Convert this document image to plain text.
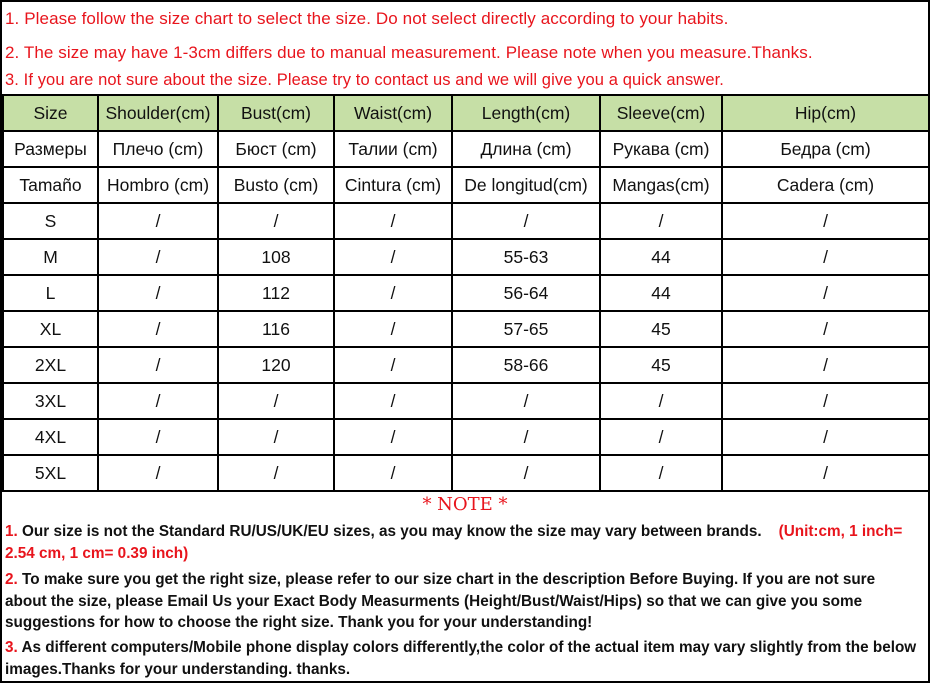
1. Please follow the size chart to select the size. Do not select directly according to your habits.
2. The size may have 1-3cm differs due to manual measurement. Please note when you measure.Thanks.
3. If you are not sure about the size. Please try to contact us and we will give you a quick answer.
Size	Shoulder(cm)	Bust(cm)	Waist(cm)	Length(cm)	Sleeve(cm)	Hip(cm)
Размеры	Плечо (cm)	Бюст (cm)	Талии (cm)	Длина (cm)	Рукава (cm)	Бедра (cm)
Tamaño	Hombro (cm)	Busto (cm)	Cintura (cm)	De longitud(cm)	Mangas(cm)	Cadera (cm)
S	/	/	/	/	/	/
M	/	108	/	55-63	44	/
L	/	112	/	56-64	44	/
XL	/	116	/	57-65	45	/
2XL	/	120	/	58-66	45	/
3XL	/	/	/	/	/	/
4XL	/	/	/	/	/	/
5XL	/	/	/	/	/	/
* NOTE *
1. Our size is not the Standard RU/US/UK/EU sizes, as you may know the size may vary between brands. (Unit:cm, 1 inch= 2.54 cm, 1 cm= 0.39 inch)
2. To make sure you get the right size, please refer to our size chart in the description Before Buying. If you are not sure about the size, please Email Us your Exact Body Measurments (Height/Bust/Waist/Hips) so that we can give you some suggestions for how to choose the right size. Thank you for your understanding!
3. As different computers/Mobile phone display colors differently,the color of the actual item may vary slightly from the below images.Thanks for your understanding. thanks.
